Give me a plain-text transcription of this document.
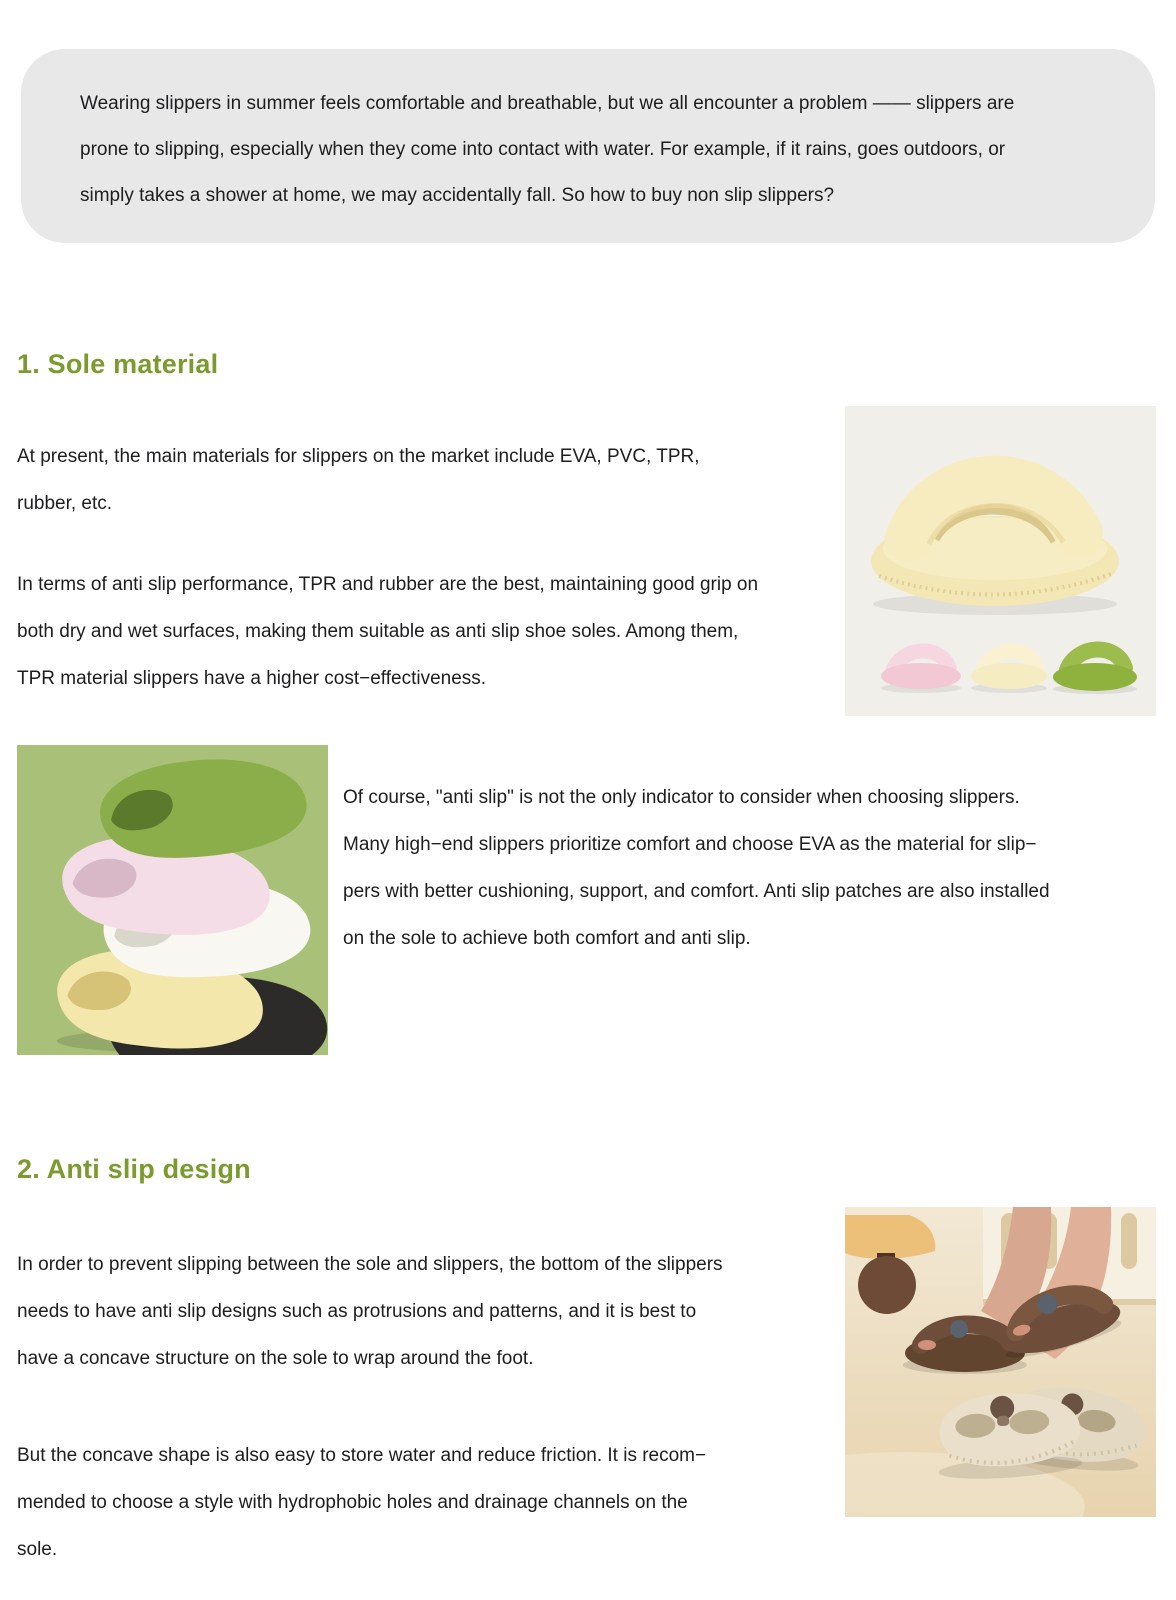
Wearing slippers in summer feels comfortable and breathable, but we all encounter a problem —— slippers are
prone to slipping, especially when they come into contact with water. For example, if it rains, goes outdoors, or
simply takes a shower at home, we may accidentally fall. So how to buy non slip slippers?
1. Sole material
At present, the main materials for slippers on the market include EVA, PVC, TPR,
rubber, etc.
In terms of anti slip performance, TPR and rubber are the best, maintaining good grip on
both dry and wet surfaces, making them suitable as anti slip shoe soles. Among them,
TPR material slippers have a higher cost−effectiveness.
Of course, "anti slip" is not the only indicator to consider when choosing slippers.
Many high−end slippers prioritize comfort and choose EVA as the material for slip−
pers with better cushioning, support, and comfort. Anti slip patches are also installed
on the sole to achieve both comfort and anti slip.
2. Anti slip design
In order to prevent slipping between the sole and slippers, the bottom of the slippers
needs to have anti slip designs such as protrusions and patterns, and it is best to
have a concave structure on the sole to wrap around the foot.
But the concave shape is also easy to store water and reduce friction. It is recom−
mended to choose a style with hydrophobic holes and drainage channels on the
sole.
